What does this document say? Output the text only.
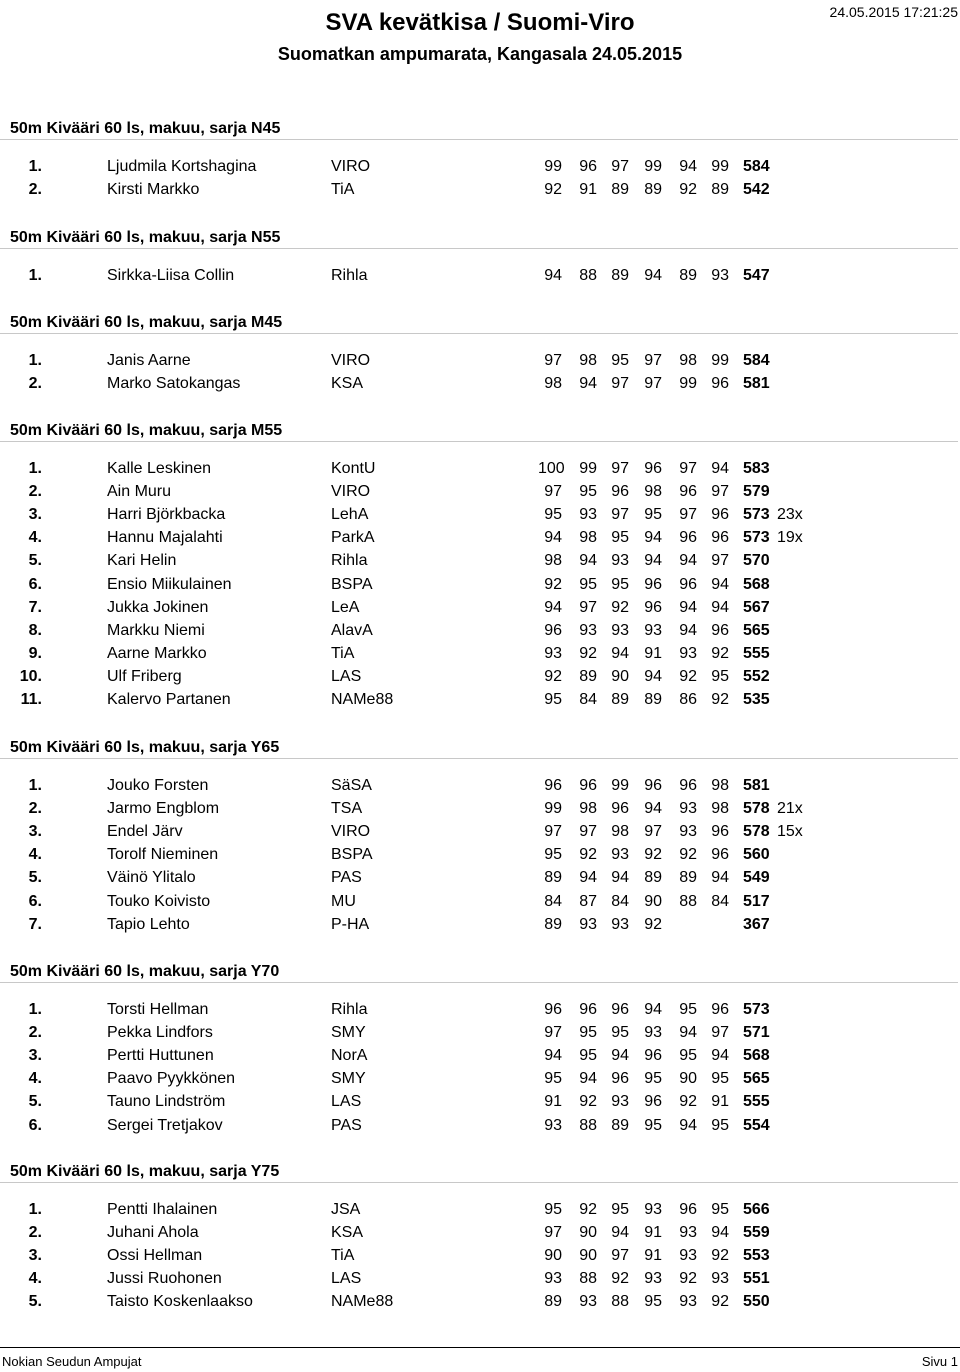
SVA kevätkisa / Suomi-Viro
Suomatkan ampumarata, Kangasala 24.05.2015
24.05.2015 17:21:25
50m Kivääri 60 ls, makuu, sarja N45
1.	Ljudmila Kortshagina	VIRO	99	96 97 99	94 99 584
2.	Kirsti Markko	TiA	92	91 89 89	92 89 542
50m Kivääri 60 ls, makuu, sarja N55
1.	Sirkka-Liisa Collin	Rihla	94	88 89 94	89 93 547
50m Kivääri 60 ls, makuu, sarja M45
1.	Janis Aarne	VIRO	97	98 95 97	98 99 584
2.	Marko Satokangas	KSA	98	94 97 97	99 96 581
50m Kivääri 60 ls, makuu, sarja M55
1.	Kalle Leskinen	KontU	100 99 97 96	97 94 583
2.	Ain Muru	VIRO	97	95 96 98	96 97 579
3.	Harri Björkbacka	LehA	95	93 97 95	97 96 573 23x
4.	Hannu Majalahti	ParkA	94	98 95 94	96 96 573 19x
5.	Kari Helin	Rihla	98	94 93 94	94 97 570
6.	Ensio Miikulainen	BSPA	92	95 95 96	96 94 568
7.	Jukka Jokinen	LeA	94	97 92 96	94 94 567
8.	Markku Niemi	AlavA	96	93 93 93	94 96 565
9.	Aarne Markko	TiA	93	92 94 91	93 92 555
10.	Ulf Friberg	LAS	92	89 90 94	92 95 552
11.	Kalervo Partanen	NAMe88	95	84 89 89	86 92 535
50m Kivääri 60 ls, makuu, sarja Y65
1.	Jouko Forsten	SäSA	96	96 99 96	96 98 581
2.	Jarmo Engblom	TSA	99	98 96 94	93 98 578 21x
3.	Endel Järv	VIRO	97	97 98 97	93 96 578 15x
4.	Torolf Nieminen	BSPA	95	92 93 92	92 96 560
5.	Väinö Ylitalo	PAS	89	94 94 89	89 94 549
6.	Touko Koivisto	MU	84	87 84 90	88 84 517
7.	Tapio Lehto	P-HA	89	93 93 92	367
50m Kivääri 60 ls, makuu, sarja Y70
1.	Torsti Hellman	Rihla	96	96 96 94	95 96 573
2.	Pekka Lindfors	SMY	97	95 95 93	94 97 571
3.	Pertti Huttunen	NorA	94	95 94 96	95 94 568
4.	Paavo Pyykkönen	SMY	95	94 96 95	90 95 565
5.	Tauno Lindström	LAS	91	92 93 96	92 91 555
6.	Sergei Tretjakov	PAS	93	88 89 95	94 95 554
50m Kivääri 60 ls, makuu, sarja Y75
1.	Pentti Ihalainen	JSA	95	92 95 93	96 95 566
2.	Juhani Ahola	KSA	97	90 94 91	93 94 559
3.	Ossi Hellman	TiA	90	90 97 91	93 92 553
4.	Jussi Ruohonen	LAS	93	88 92 93	92 93 551
5.	Taisto Koskenlaakso	NAMe88	89	93 88 95	93 92 550
Nokian Seudun Ampujat	Sivu 1
